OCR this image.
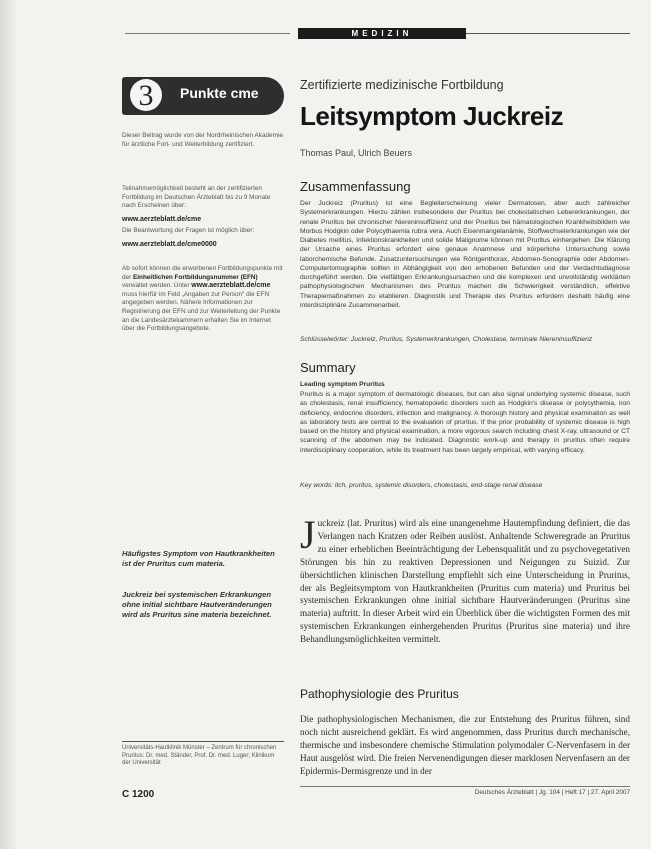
MEDIZIN
3	Punkte cme
Dieser Beitrag wurde von der Nordrheinischen Akademie für ärztliche Fort- und Weiterbildung zertifiziert.

Teilnahmemöglichkeit besteht an der zertifizierten Fortbildung im Deutschen Ärzteblatt bis zu 9 Monate nach Erscheinen über:

www.aerzteblatt.de/cme

Die Beantwortung der Fragen ist möglich über:

www.aerzteblatt.de/cme0000
Ab sofort können die erworbenen Fortbildungspunkte mit der Einheitlichen Fortbildungsnummer (EFN) verwaltet werden. Unter www.aerzteblatt.de/cme muss hierfür im Feld „Angaben zur Person" die EFN angegeben werden. Nähere Informationen zur Registrierung der EFN und zur Weiterleitung der Punkte an die Landesärztekammern erhalten Sie im Internet über die Fortbildungsangebote.
Häufigstes Symptom von Hautkrankheiten ist der Pruritus cum materia.
Juckreiz bei systemischen Erkrankungen ohne initial sichtbare Hautveränderungen wird als Pruritus sine materia bezeichnet.
Universitäts-Hautklinik Münster – Zentrum für chronischen Pruritus: Dr. med. Ständer, Prof. Dr. med. Luger; Klinikum der Universität
C 1200	Deutsches Ärzteblatt | Jg. 104 | Heft 17 | 27. April 2007
Zertifizierte medizinische Fortbildung
Leitsymptom Juckreiz
Thomas Paul, Ulrich Beuers
Zusammenfassung
Der Juckreiz (Pruritus) ist eine Begleiterscheinung vieler Dermatosen, aber auch zahlreicher Systemerkrankungen. Hierzu zählen insbesondere der Pruritus bei cholestatischen Lebererkrankungen, der renale Pruritus bei chronischer Niereninsuffizienz und der Pruritus bei hämatologischen Krankheitsbildern wie Morbus Hodgkin oder Polycythaemia rubra vera. Auch Eisenmangelanämie, Stoffwechselerkrankungen wie der Diabetes mellitus, Infektionskrankheiten und solide Malignome können mit Pruritus einhergehen. Die Klärung der Ursache eines Pruritus erfordert eine genaue Anamnese und körperliche Untersuchung sowie laborchemische Befunde. Zusatzuntersuchungen wie Röntgenthorax, Abdomen-Sonographie oder Abdomen-Computertomographie sollten in Abhängigkeit von den erhobenen Befunden und der Verdachtsdiagnose durchgeführt werden. Die vielfältigen Erkrankungsursachen und die komplexen und unvollständig verklärten pathophysiologischen Mechanismen des Pruritus machen die Schwierigkeit verständlich, effektive Therapiemaßnahmen zu etablieren. Diagnostik und Therapie des Pruritus erfordern deshalb häufig eine interdisziplinäre Zusammenarbeit.
Schlüsselwörter: Juckreiz, Pruritus, Systemerkrankungen, Cholestase, terminale Niereninsuffizienz
Summary
Leading symptom Pruritus
Pruritus is a major symptom of dermatologic diseases, but can also signal underlying systemic disease, such as cholestasis, renal insufficiency, hematopoietic disorders such as Hodgkin's disease or polycythemia, iron deficiency, endocrine disorders, infection and malignancy. A thorough history and physical examination as well as laboratory tests are central to the evaluation of pruritus. If the prior probability of systemic disease is high based on the history and physical examination, a more vigorous search including chest X-ray, ultrasound or CT scanning of the abdomen may be indicated. Diagnostic work-up and therapy in pruritus often require interdisciplinary cooperation, while its treatment has been largely empirical, with varying efficacy.
Key words: itch, pruritus, systemic disorders, cholestasis, end-stage renal disease
Juckreiz (lat. Pruritus) wird als eine unangenehme Hautempfindung definiert, die das Verlangen nach Kratzen oder Reiben auslöst. Anhaltende Schweregrade an Pruritus zu einer erheblichen Beeinträchtigung der Lebensqualität und zu psychovegetativen Störungen bis hin zu reaktiven Depressionen und Neigungen zu Suizid. Zur übersichtlichen klinischen Darstellung empfiehlt sich eine Unterscheidung in Pruritus, der als Begleitsymptom von Hautkrankheiten (Pruritus cum materia) und Pruritus bei systemischen Erkrankungen ohne initial sichtbare Hautveränderungen (Pruritus sine materia) auftritt. In dieser Arbeit wird ein Überblick über die wichtigsten Formen des mit systemischen Erkrankungen einhergehenden Pruritus (Pruritus sine materia) und ihre Behandlungsmöglichkeiten vermittelt.
Pathophysiologie des Pruritus
Die pathophysiologischen Mechanismen, die zur Entstehung des Pruritus führen, sind noch nicht ausreichend geklärt. Es wird angenommen, dass Pruritus durch mechanische, thermische und insbesondere chemische Stimulation polymodaler C-Nervenfasern in der Haut ausgelöst wird. Die freien Nervenendigungen dieser marklosen Nervenfasern an der Epidermis-Dermisgrenze und in der
